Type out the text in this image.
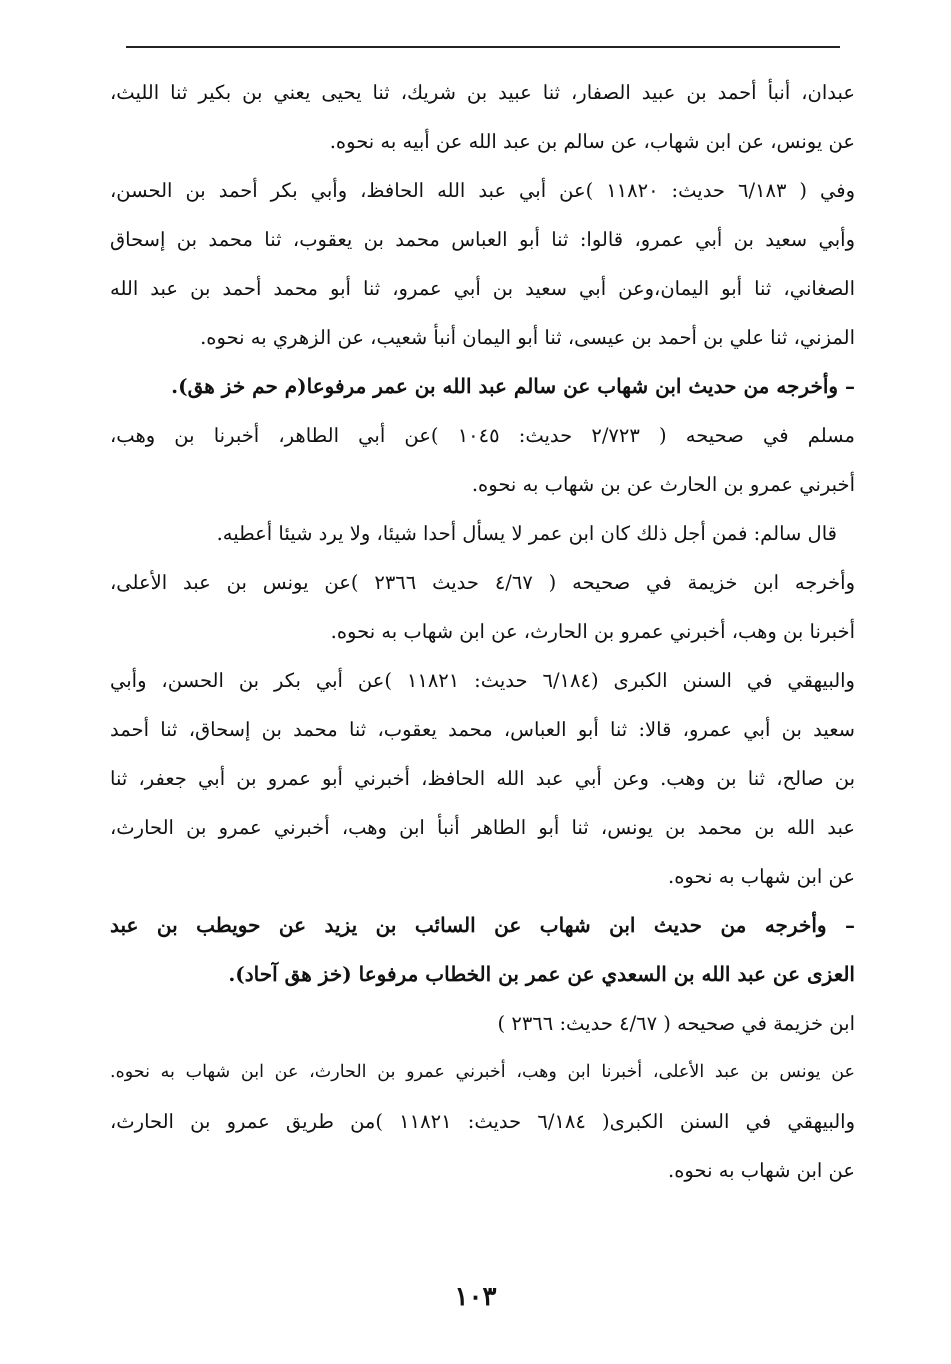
عبدان، أنبأ أحمد بن عبيد الصفار، ثنا عبيد بن شريك، ثنا يحيى يعني بن بكير ثنا الليث،
عن يونس، عن ابن شهاب، عن سالم بن عبد الله عن أبيه به نحوه.
وفي ( ٦/١٨٣ حديث: ١١٨٢٠ )عن أبي عبد الله الحافظ، وأبي بكر أحمد بن الحسن،
وأبي سعيد بن أبي عمرو، قالوا: ثنا أبو العباس محمد بن يعقوب، ثنا محمد بن إسحاق
الصغاني، ثنا أبو اليمان،وعن أبي سعيد بن أبي عمرو، ثنا أبو محمد أحمد بن عبد الله
المزني، ثنا علي بن أحمد بن عيسى، ثنا أبو اليمان أنبأ شعيب، عن الزهري به نحوه.
– وأخرجه من حديث ابن شهاب عن سالم عبد الله بن عمر مرفوعا(م حم خز هق).
مسلم في صحيحه ( ٢/٧٢٣ حديث: ١٠٤٥ )عن أبي الطاهر، أخبرنا بن وهب،
أخبرني عمرو بن الحارث عن بن شهاب به نحوه.
قال سالم: فمن أجل ذلك كان ابن عمر لا يسأل أحدا شيئا، ولا يرد شيئا أعطيه.
وأخرجه ابن خزيمة في صحيحه ( ٤/٦٧ حديث ٢٣٦٦ )عن يونس بن عبد الأعلى،
أخبرنا بن وهب، أخبرني عمرو بن الحارث، عن ابن شهاب به نحوه.
والبيهقي في السنن الكبرى (٦/١٨٤ حديث: ١١٨٢١ )عن أبي بكر بن الحسن، وأبي
سعيد بن أبي عمرو، قالا: ثنا أبو العباس، محمد يعقوب، ثنا محمد بن إسحاق، ثنا أحمد
بن صالح، ثنا بن وهب. وعن أبي عبد الله الحافظ، أخبرني أبو عمرو بن أبي جعفر، ثنا
عبد الله بن محمد بن يونس، ثنا أبو الطاهر أنبأ ابن وهب، أخبرني عمرو بن الحارث،
عن ابن شهاب به نحوه.
– وأخرجه من حديث ابن شهاب عن السائب بن يزيد عن حويطب بن عبد
العزى عن عبد الله بن السعدي عن عمر بن الخطاب مرفوعا (خز هق آحاد).
ابن خزيمة في صحيحه ( ٤/٦٧ حديث: ٢٣٦٦ )
عن يونس بن عبد الأعلى، أخبرنا ابن وهب، أخبرني عمرو بن الحارث، عن ابن شهاب به نحوه.
والبيهقي في السنن الكبرى( ٦/١٨٤ حديث: ١١٨٢١ )من طريق عمرو بن الحارث،
عن ابن شهاب به نحوه.
١٠٣
